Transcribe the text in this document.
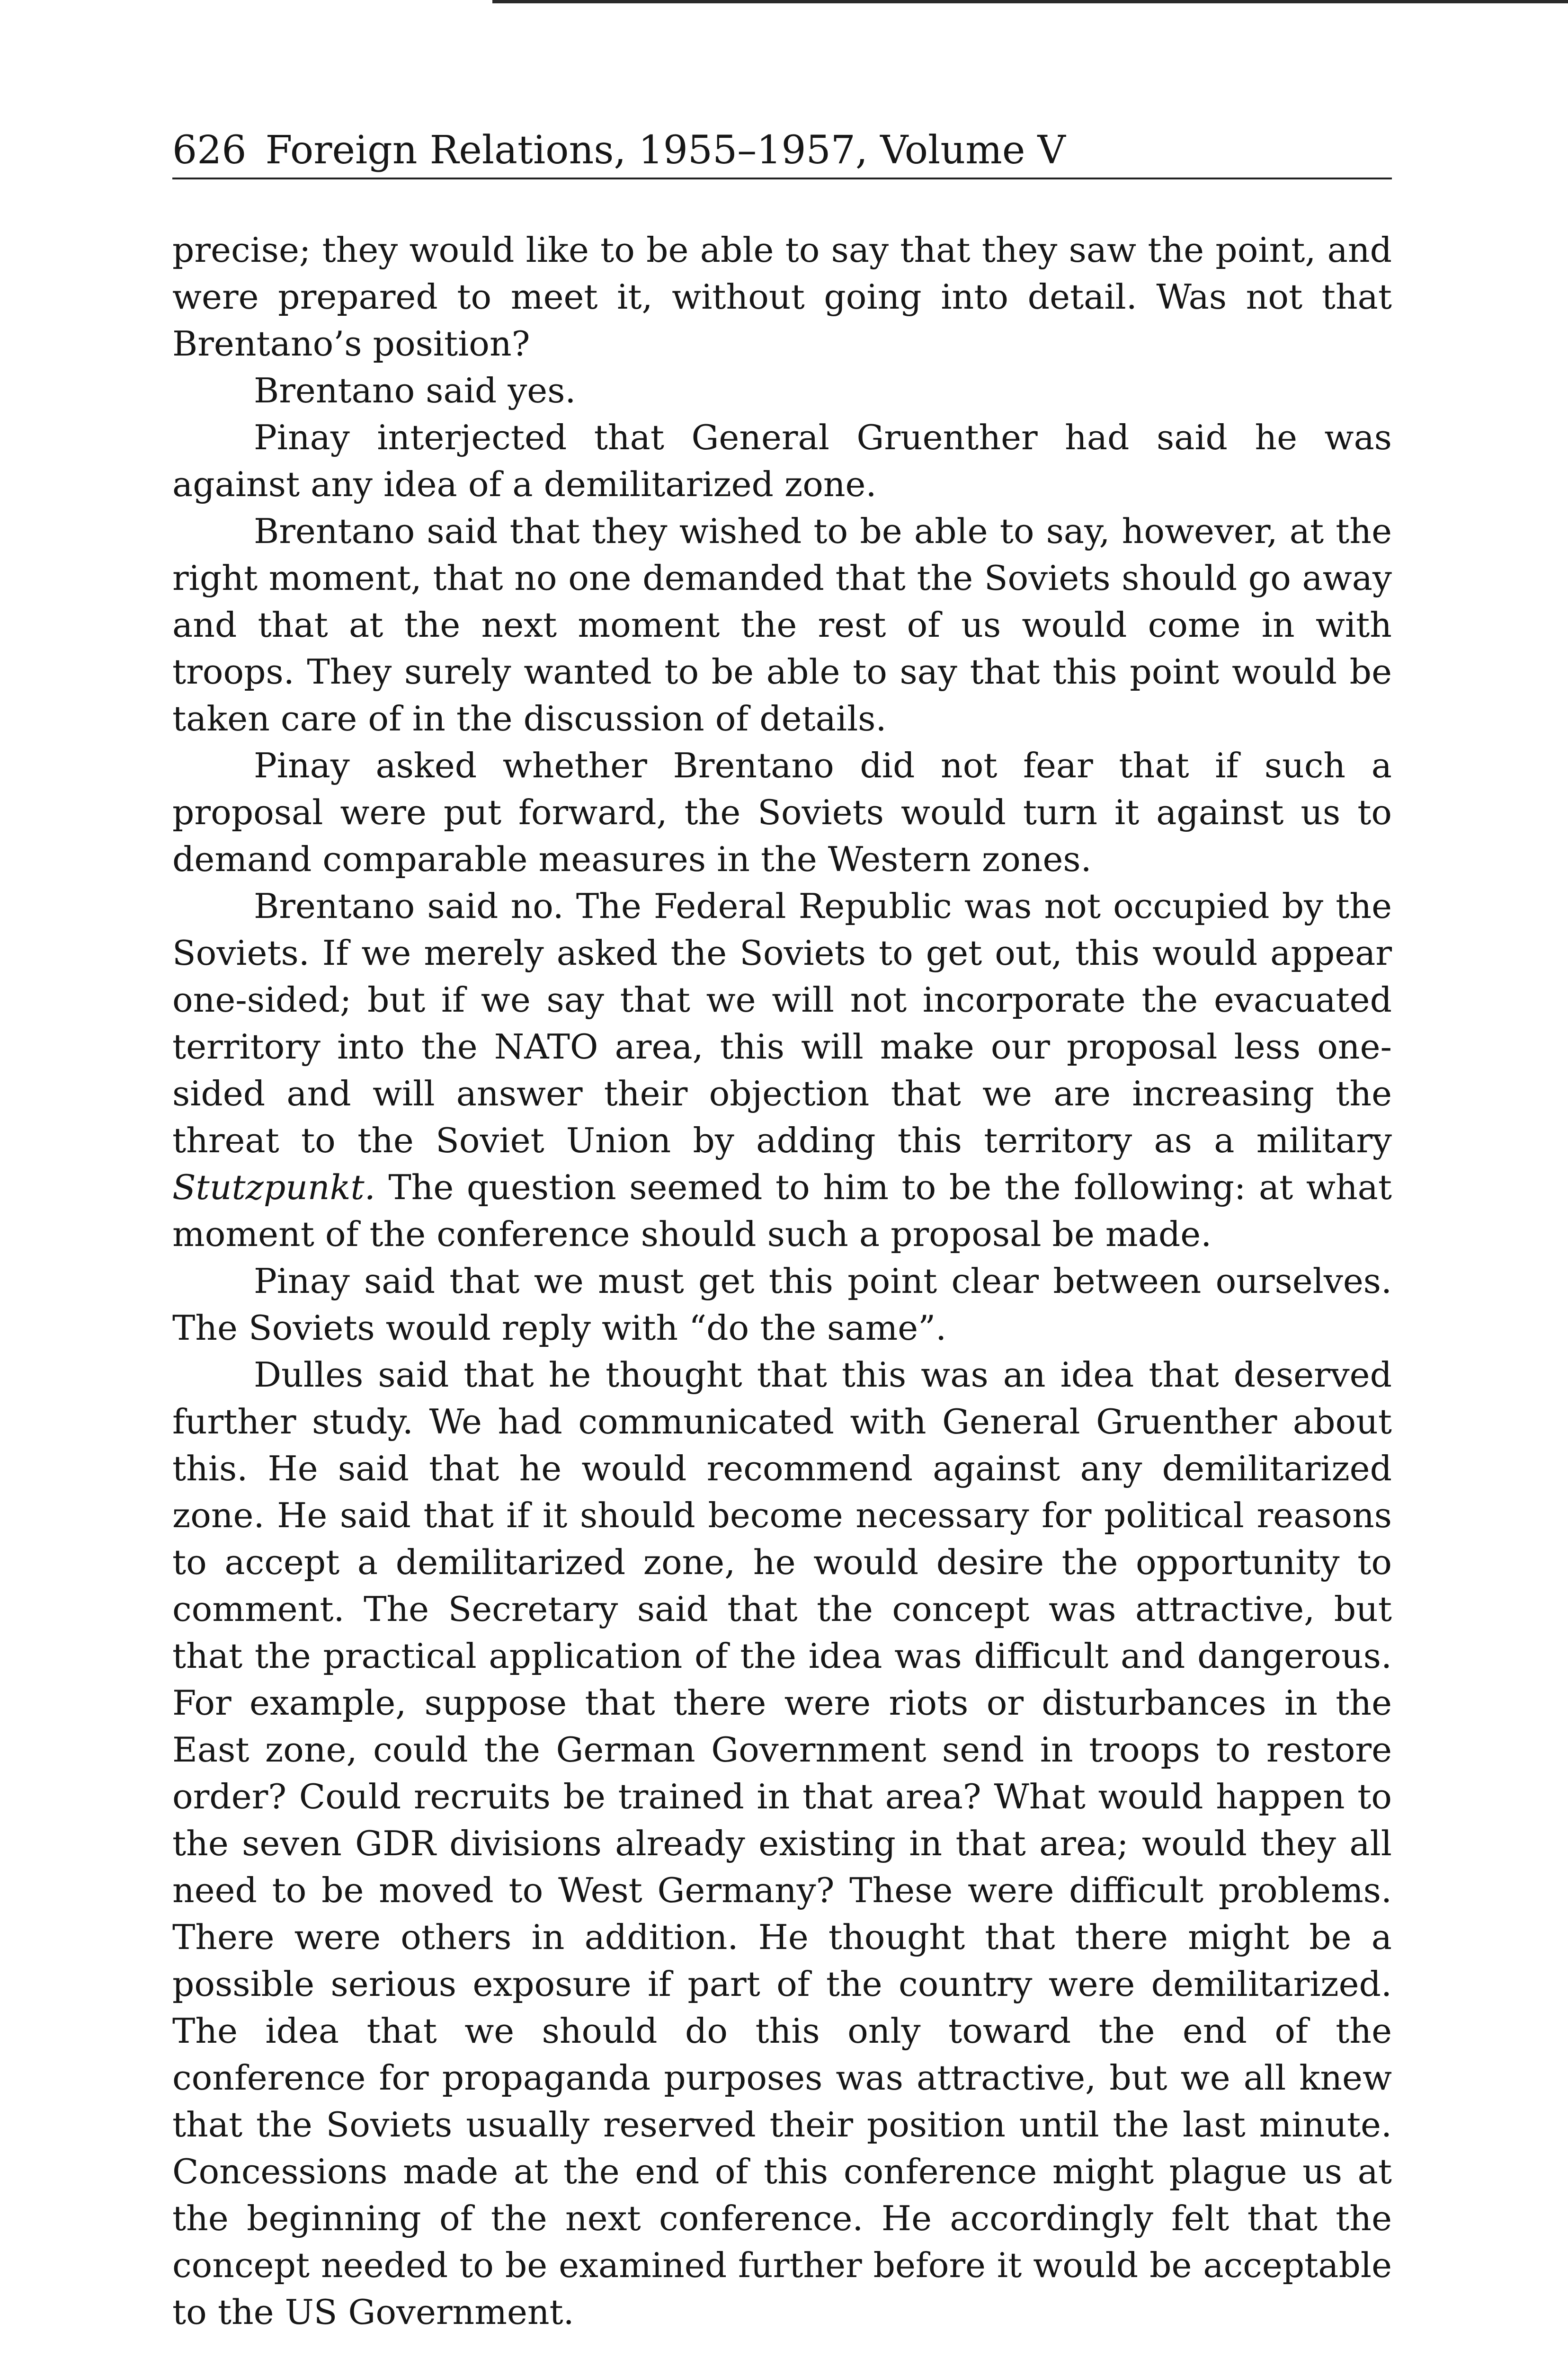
626 Foreign Relations, 1955–1957, Volume V

precise; they would like to be able to say that they saw the point, and were prepared to meet it, without going into detail. Was not that Brentano’s position?

Brentano said yes.

Pinay interjected that General Gruenther had said he was against any idea of a demilitarized zone.

Brentano said that they wished to be able to say, however, at the right moment, that no one demanded that the Soviets should go away and that at the next moment the rest of us would come in with troops. They surely wanted to be able to say that this point would be taken care of in the discussion of details.

Pinay asked whether Brentano did not fear that if such a proposal were put forward, the Soviets would turn it against us to demand comparable measures in the Western zones.

Brentano said no. The Federal Republic was not occupied by the Soviets. If we merely asked the Soviets to get out, this would appear one-sided; but if we say that we will not incorporate the evacuated territory into the NATO area, this will make our proposal less one-sided and will answer their objection that we are increasing the threat to the Soviet Union by adding this territory as a military Stutzpunkt. The question seemed to him to be the following: at what moment of the conference should such a proposal be made.

Pinay said that we must get this point clear between ourselves. The Soviets would reply with “do the same”.

Dulles said that he thought that this was an idea that deserved further study. We had communicated with General Gruenther about this. He said that he would recommend against any demilitarized zone. He said that if it should become necessary for political reasons to accept a demilitarized zone, he would desire the opportunity to comment. The Secretary said that the concept was attractive, but that the practical application of the idea was difficult and dangerous. For example, suppose that there were riots or disturbances in the East zone, could the German Government send in troops to restore order? Could recruits be trained in that area? What would happen to the seven GDR divisions already existing in that area; would they all need to be moved to West Germany? These were difficult problems. There were others in addition. He thought that there might be a possible serious exposure if part of the country were demilitarized. The idea that we should do this only toward the end of the conference for propaganda purposes was attractive, but we all knew that the Soviets usually reserved their position until the last minute. Concessions made at the end of this conference might plague us at the beginning of the next conference. He accordingly felt that the concept needed to be examined further before it would be acceptable to the US Government.
